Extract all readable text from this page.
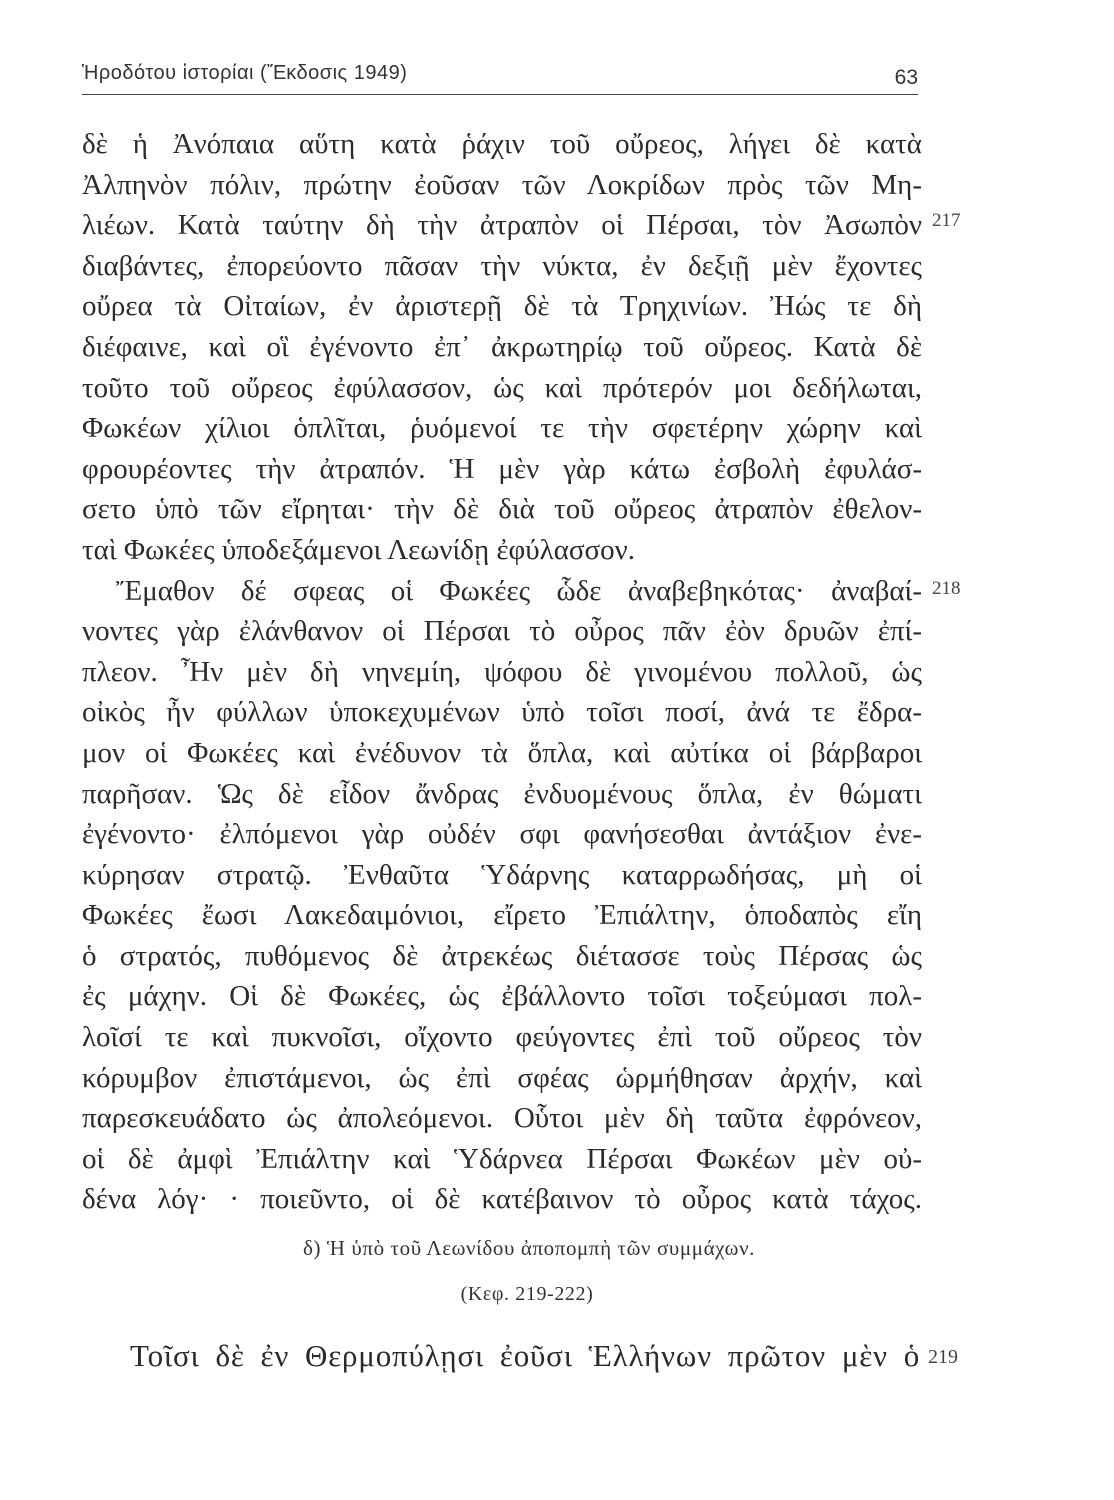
Ἡροδότου ἱστορίαι (Ἔκδοσις 1949)	63
δὲ ἡ Ἀνόπαια αὕτη κατὰ ῥάχιν τοῦ οὔρεος, λήγει δὲ κατὰ
Ἀλπηνὸν πόλιν, πρώτην ἐοῦσαν τῶν Λοκρίδων πρὸς τῶν Μη-
λιέων. Κατὰ ταύτην δὴ τὴν ἀτραπὸν οἱ Πέρσαι, τὸν Ἀσωπὸν
διαβάντες, ἐπορεύοντο πᾶσαν τὴν νύκτα, ἐν δεξιῇ μὲν ἔχοντες
οὔρεα τὰ Οἰταίων, ἐν ἀριστερῇ δὲ τὰ Τρηχινίων. Ἠώς τε δὴ
διέφαινε, καὶ οἳ ἐγένοντο ἐπ᾽ ἀκρωτηρίῳ τοῦ οὔρεος. Κατὰ δὲ
τοῦτο τοῦ οὔρεος ἐφύλασσον, ὡς καὶ πρότερόν μοι δεδήλωται,
Φωκέων χίλιοι ὁπλῖται, ῥυόμενοί τε τὴν σφετέρην χώρην καὶ
φρουρέοντες τὴν ἀτραπόν. Ἡ μὲν γὰρ κάτω ἐσβολὴ ἐφυλάσ-
σετο ὑπὸ τῶν εἴρηται· τὴν δὲ διὰ τοῦ οὔρεος ἀτραπὸν ἐθελον-
ταὶ Φωκέες ὑποδεξάμενοι Λεωνίδῃ ἐφύλασσον.
Ἔμαθον δέ σφεας οἱ Φωκέες ὧδε ἀναβεβηκότας· ἀναβαί-
νοντες γὰρ ἐλάνθανον οἱ Πέρσαι τὸ οὖρος πᾶν ἐὸν δρυῶν ἐπί-
πλεον. Ἦν μὲν δὴ νηνεμίη, ψόφου δὲ γινομένου πολλοῦ, ὡς
οἰκὸς ἦν φύλλων ὑποκεχυμένων ὑπὸ τοῖσι ποσί, ἀνά τε ἔδρα-
μον οἱ Φωκέες καὶ ἐνέδυνον τὰ ὅπλα, καὶ αὐτίκα οἱ βάρβαροι
παρῆσαν. Ὡς δὲ εἶδον ἄνδρας ἐνδυομένους ὅπλα, ἐν θώματι
ἐγένοντο· ἐλπόμενοι γὰρ οὐδέν σφι φανήσεσθαι ἀντάξιον ἐνε-
κύρησαν στρατῷ. Ἐνθαῦτα Ὑδάρνης καταρρωδήσας, μὴ οἱ
Φωκέες ἔωσι Λακεδαιμόνιοι, εἴρετο Ἐπιάλτην, ὁποδαπὸς εἴη
ὁ στρατός, πυθόμενος δὲ ἀτρεκέως διέτασσε τοὺς Πέρσας ὡς
ἐς μάχην. Οἱ δὲ Φωκέες, ὡς ἐβάλλοντο τοῖσι τοξεύμασι πολ-
λοῖσί τε καὶ πυκνοῖσι, οἴχοντο φεύγοντες ἐπὶ τοῦ οὔρεος τὸν
κόρυμβον ἐπιστάμενοι, ὡς ἐπὶ σφέας ὡρμήθησαν ἀρχήν, καὶ
παρεσκευάδατο ὡς ἀπολεόμενοι. Οὗτοι μὲν δὴ ταῦτα ἐφρόνεον,
οἱ δὲ ἀμφὶ Ἐπιάλτην καὶ Ὑδάρνεα Πέρσαι Φωκέων μὲν οὐ-
δένα λόγ· · ποιεῦντο, οἱ δὲ κατέβαινον τὸ οὖρος κατὰ τάχος.
217
218
δ) Ἡ ὑπὸ τοῦ Λεωνίδου ἀποπομπὴ τῶν συμμάχων.
(Κεφ. 219-222)
Τοῖσι δὲ ἐν Θερμοπύλῃσι ἐοῦσι Ἑλλήνων πρῶτον μὲν ὁ 219
